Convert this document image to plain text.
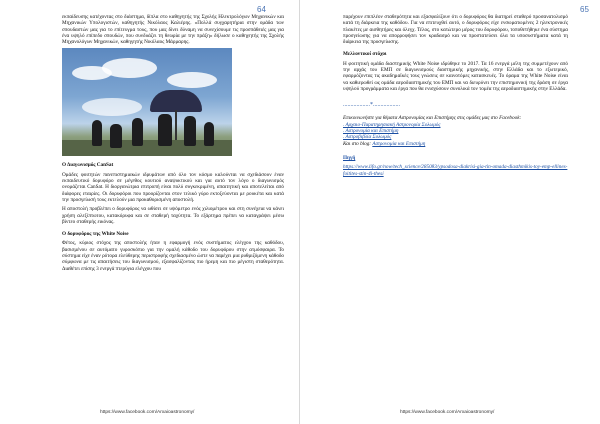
64

εκπαίδευσης κατέχοντας στο διάστημα, δίπλα στο καθηγητής της Σχολής Ηλεκτρολόγων Μηχανικών και Μηχανικών Υπολογιστών, καθηγητής Νικόλαος Καλιέρης. «Πολλά συγχαρητήρια στην ομάδα των σπουδαστών μας για το επίτευγμα τους, που μας δίνει δύναμη να συνεχίσουμε τις προσπάθειές μας για ένα υψηλό επίπεδο σπουδών, που συνδυάζει τη θεωρία με την πράξη» δήλωσε ο καθηγητής της Σχολής Μηχανολόγων Μηχανικών, καθηγητής Νικόλαος Μάρμαρης.

Ο Διαγωνισμός CanSat

Ομάδες φοιτητών πανεπιστημιακών ιδρυμάτων από όλο τον κόσμο καλούνται να σχεδιάσουν έναν εκπαιδευτικό δορυφόρο σε μέγεθος κουτιού αναψυκτικού και για αυτό τον λόγο ο διαγωνισμός ονομάζεται CanSat. Η διοργανώτρια επιτροπή είναι πολύ συγκεκριμένη, απαιτητική και αποτελείται από διάφορες εταιρίες. Οι δορυφόροι που προορίζονται στον τελικό γύρο εκτοξεύονται με ρουκέτα και κατά την προσγείωσή τους εκτελούν μια προκαθορισμένη αποστολή.

Η αποστολή προβλέπει ο δορυφόρος να ωθίσει σε υψόμετρο ενός χιλιομέτρου και στη συνέχεια να κάνει χρήση αλεξίπτωτου, κατακόρυφα και σε σταθερή ταχύτητα. Το εξάρτημα πρέπει να καταγράψει μέσω βίντεο σταθερής εικόνας.

Ο δορυφόρος της White Noise

Φέτος, κύριος στόχος της αποστολής ήταν η εφαρμογή ενός συστήματος ελέγχου της καθόδου, βασισμένου σε αυτόματο γυροσκόπιο για την ομαλή κάθοδο του δορυφόρου στην ατμόσφαιρα. Το σύστημα είχε έναν ρότορα ελεύθερης περιστροφής σχεδιασμένο ώστε να παρέχει μια ρυθμιζόμενη κάθοδο σύμφωνα με τις απαιτήσεις του διαγωνισμού, εξασφαλίζοντας πιο ήρεμη και πιο μέγιστη σταθερότητα. Διαθέτει επίσης 3 ενεργά πτερύγια ελέγχου που

https://www.facebook.com/Arxaioastronomy/
65

παρέχουν επιπλέον σταθερότητα και εξασφαλίζουν ότι ο δορυφόρος θα διατηρεί σταθερό προσανατολισμό κατά τη διάρκεια της καθόδου. Για να επιτευχθεί αυτό, ο δορυφόρος είχε ενσωματωμένες 2 ηλεκτρονικές πλακέτες με αισθητήρες και όλεγχ. Τέλος, στο κατώτερο μέρος του δορυφόρου, τοποθετήθηκε ένα σύστημα προσγείωσης για να απορροφήσει τον κραδασμό και να προστατεύσει όλα τα υποσυστήματα κατά τη διάρκεια της προσγείωσης.

Μελλοντικοί στόχοι

Η φοιτητική ομάδα διαστημικής White Noise ιδρύθηκε το 2017. Τα 16 ενεργά μέλη της συμμετέχουν από την αρχάς του ΕΜΠ σε διαγωνισμούς διαστημικής μηχανικής, στην Ελλάδα και το εξωτερικό, εφαρμόζοντας τις ακαδημαϊκές τους γνώσεις σε καινοτόμες κατασκευές. Το όραμα της White Noise είναι να καθιερωθεί ως ομάδα αεροδιαστημικής του ΕΜΠ και να διευρύνει την επιστημονική της δράση σε έργα υψηλού προγράμματα και έργα που θα ενισχύσουν συνολικά τον τομέα της αεροδιαστημικής στην Ελλάδα.

..................*..................

Επικοινωνήστε για θέματα Αστρονομίας και Επιστήμης στις ομάδες μας στο Facebook:

. Αρχαιο-Παρατηρησιακή Αστρονομία Σολωμός

. Αστρονομία και Επιστήμη

. Αστροβιβλία Σολωμός

Και στο blog: Αστρονομία και Επιστήμη

Πηγή

https://www.lifo.gr/now/tech_science/285083/ypsodosa-diakrisi-gia-tin-omada-diasthmikis-toy-emp-ellines-foitites-stin-4i-thesi

https://www.facebook.com/Arxaioastronomy/
